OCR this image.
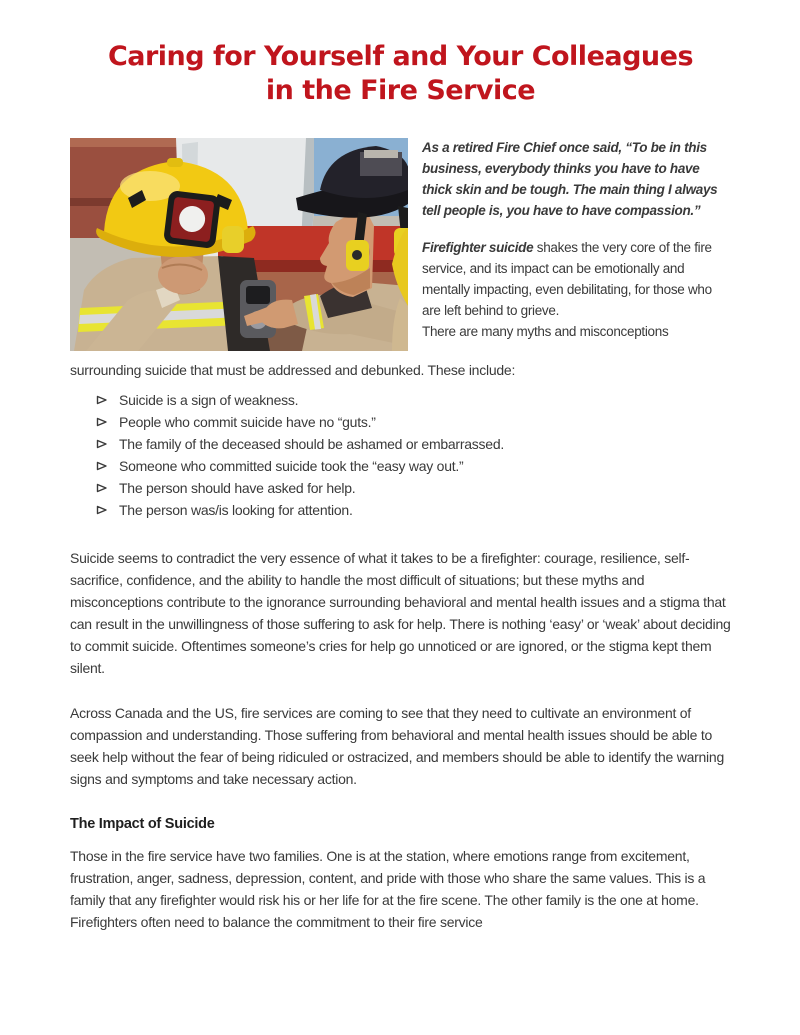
Caring for Yourself and Your Colleagues
in the Fire Service

As a retired Fire Chief once said, “To be in this business, everybody thinks you have to have thick skin and be tough. The main thing I always tell people is, you have to have compassion.”

Firefighter suicide shakes the very core of the fire service, and its impact can be emotionally and mentally impacting, even debilitating, for those who are left behind to grieve.

There are many myths and misconceptions

surrounding suicide that must be addressed and debunked. These include:

Suicide is a sign of weakness.
People who commit suicide have no “guts.”
The family of the deceased should be ashamed or embarrassed.
Someone who committed suicide took the “easy way out.”
The person should have asked for help.
The person was/is looking for attention.

Suicide seems to contradict the very essence of what it takes to be a firefighter: courage, resilience, self-sacrifice, confidence, and the ability to handle the most difficult of situations; but these myths and misconceptions contribute to the ignorance surrounding behavioral and mental health issues and a stigma that can result in the unwillingness of those suffering to ask for help. There is nothing ‘easy’ or ‘weak’ about deciding to commit suicide. Oftentimes someone’s cries for help go unnoticed or are ignored, or the stigma kept them silent.

Across Canada and the US, fire services are coming to see that they need to cultivate an environment of compassion and understanding. Those suffering from behavioral and mental health issues should be able to seek help without the fear of being ridiculed or ostracized, and members should be able to identify the warning signs and symptoms and take necessary action.

The Impact of Suicide

Those in the fire service have two families. One is at the station, where emotions range from excitement, frustration, anger, sadness, depression, content, and pride with those who share the same values. This is a family that any firefighter would risk his or her life for at the fire scene. The other family is the one at home. Firefighters often need to balance the commitment to their fire service
